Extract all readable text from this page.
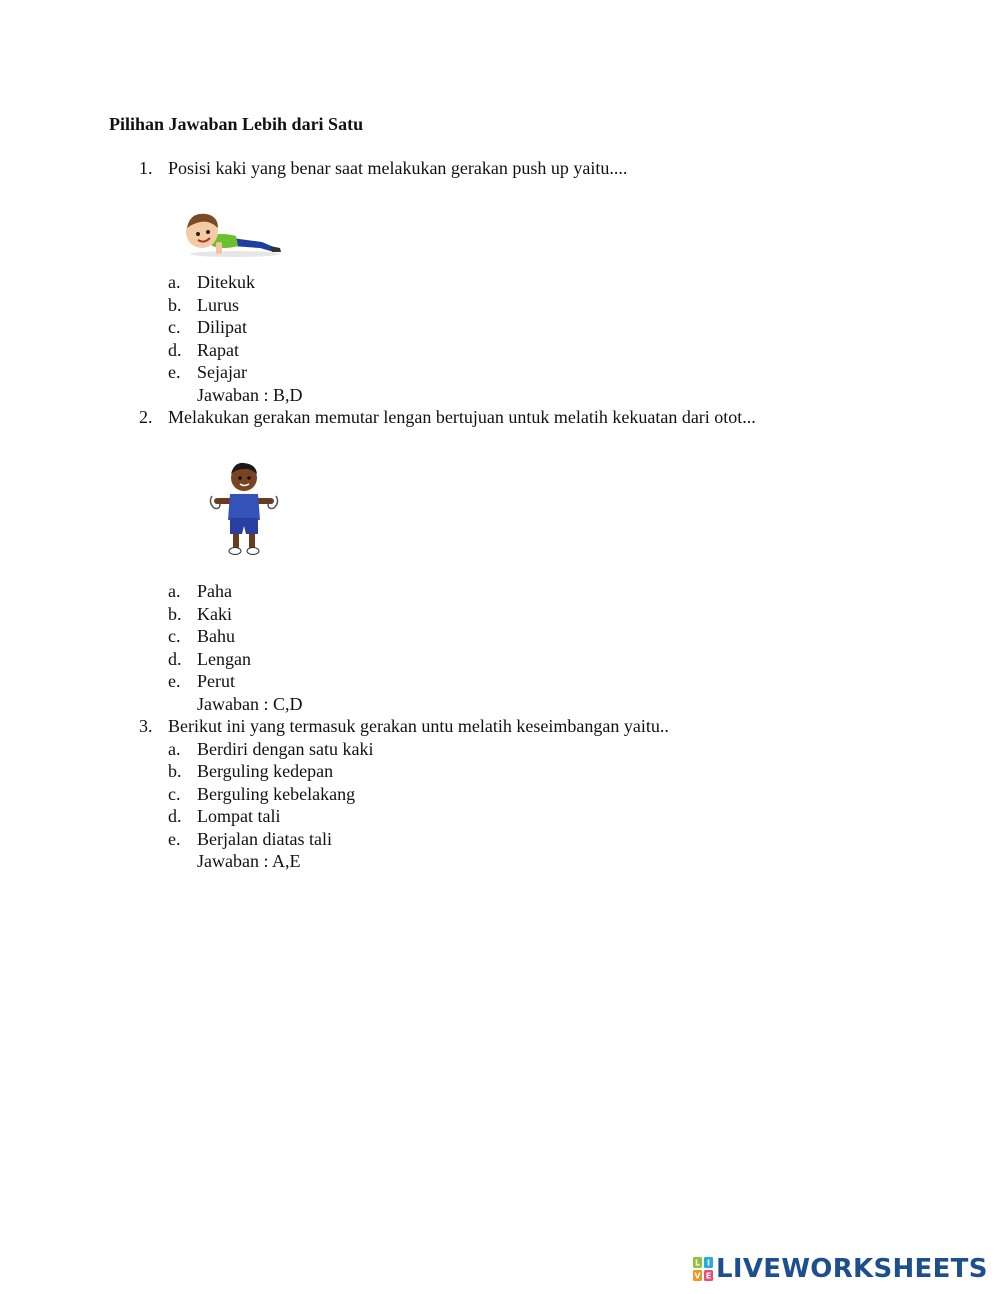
Pilihan Jawaban Lebih dari Satu
1. Posisi kaki yang benar saat melakukan gerakan push up yaitu....
a. Ditekuk
b. Lurus
c. Dilipat
d. Rapat
e. Sejajar
Jawaban : B,D
2. Melakukan gerakan memutar lengan bertujuan untuk melatih kekuatan dari otot...
a. Paha
b. Kaki
c. Bahu
d. Lengan
e. Perut
Jawaban : C,D
3. Berikut ini yang termasuk gerakan untu melatih keseimbangan yaitu..
a. Berdiri dengan satu kaki
b. Berguling kedepan
c. Berguling kebelakang
d. Lompat tali
e. Berjalan diatas tali
Jawaban : A,E
L I
V E LIVEWORKSHEETS
